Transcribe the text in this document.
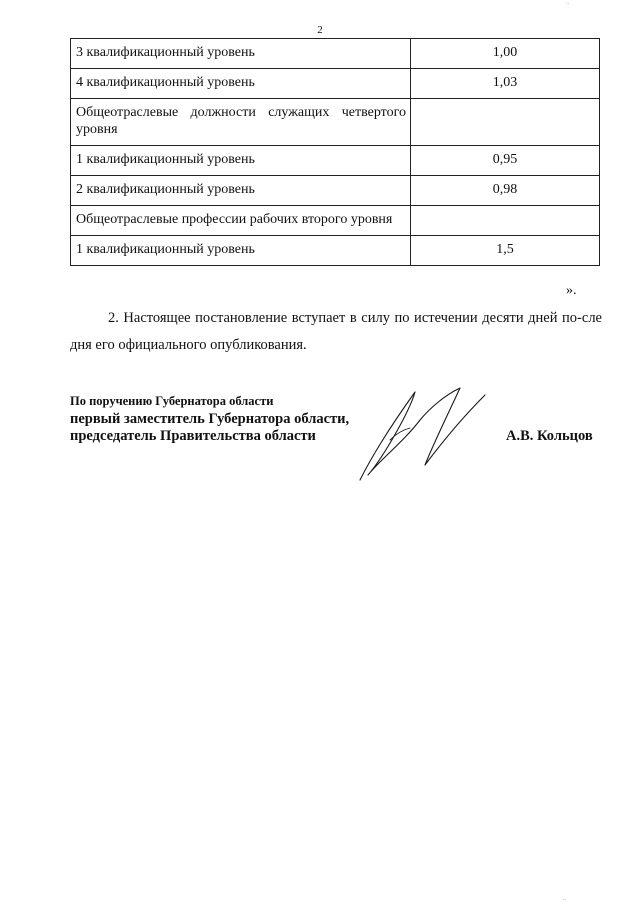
2
3 квалификационный уровень	1,00
4 квалификационный уровень	1,03
Общеотраслевые должности служащих четвертого уровня	
1 квалификационный уровень	0,95
2 квалификационный уровень	0,98
Общеотраслевые профессии рабочих второго уровня	
1 квалификационный уровень	1,5
».
2. Настоящее постановление вступает в силу по истечении десяти дней по-сле дня его официального опубликования.
По поручению Губернатора области
первый заместитель Губернатора области,
председатель Правительства области	А.В. Кольцов
..
..
